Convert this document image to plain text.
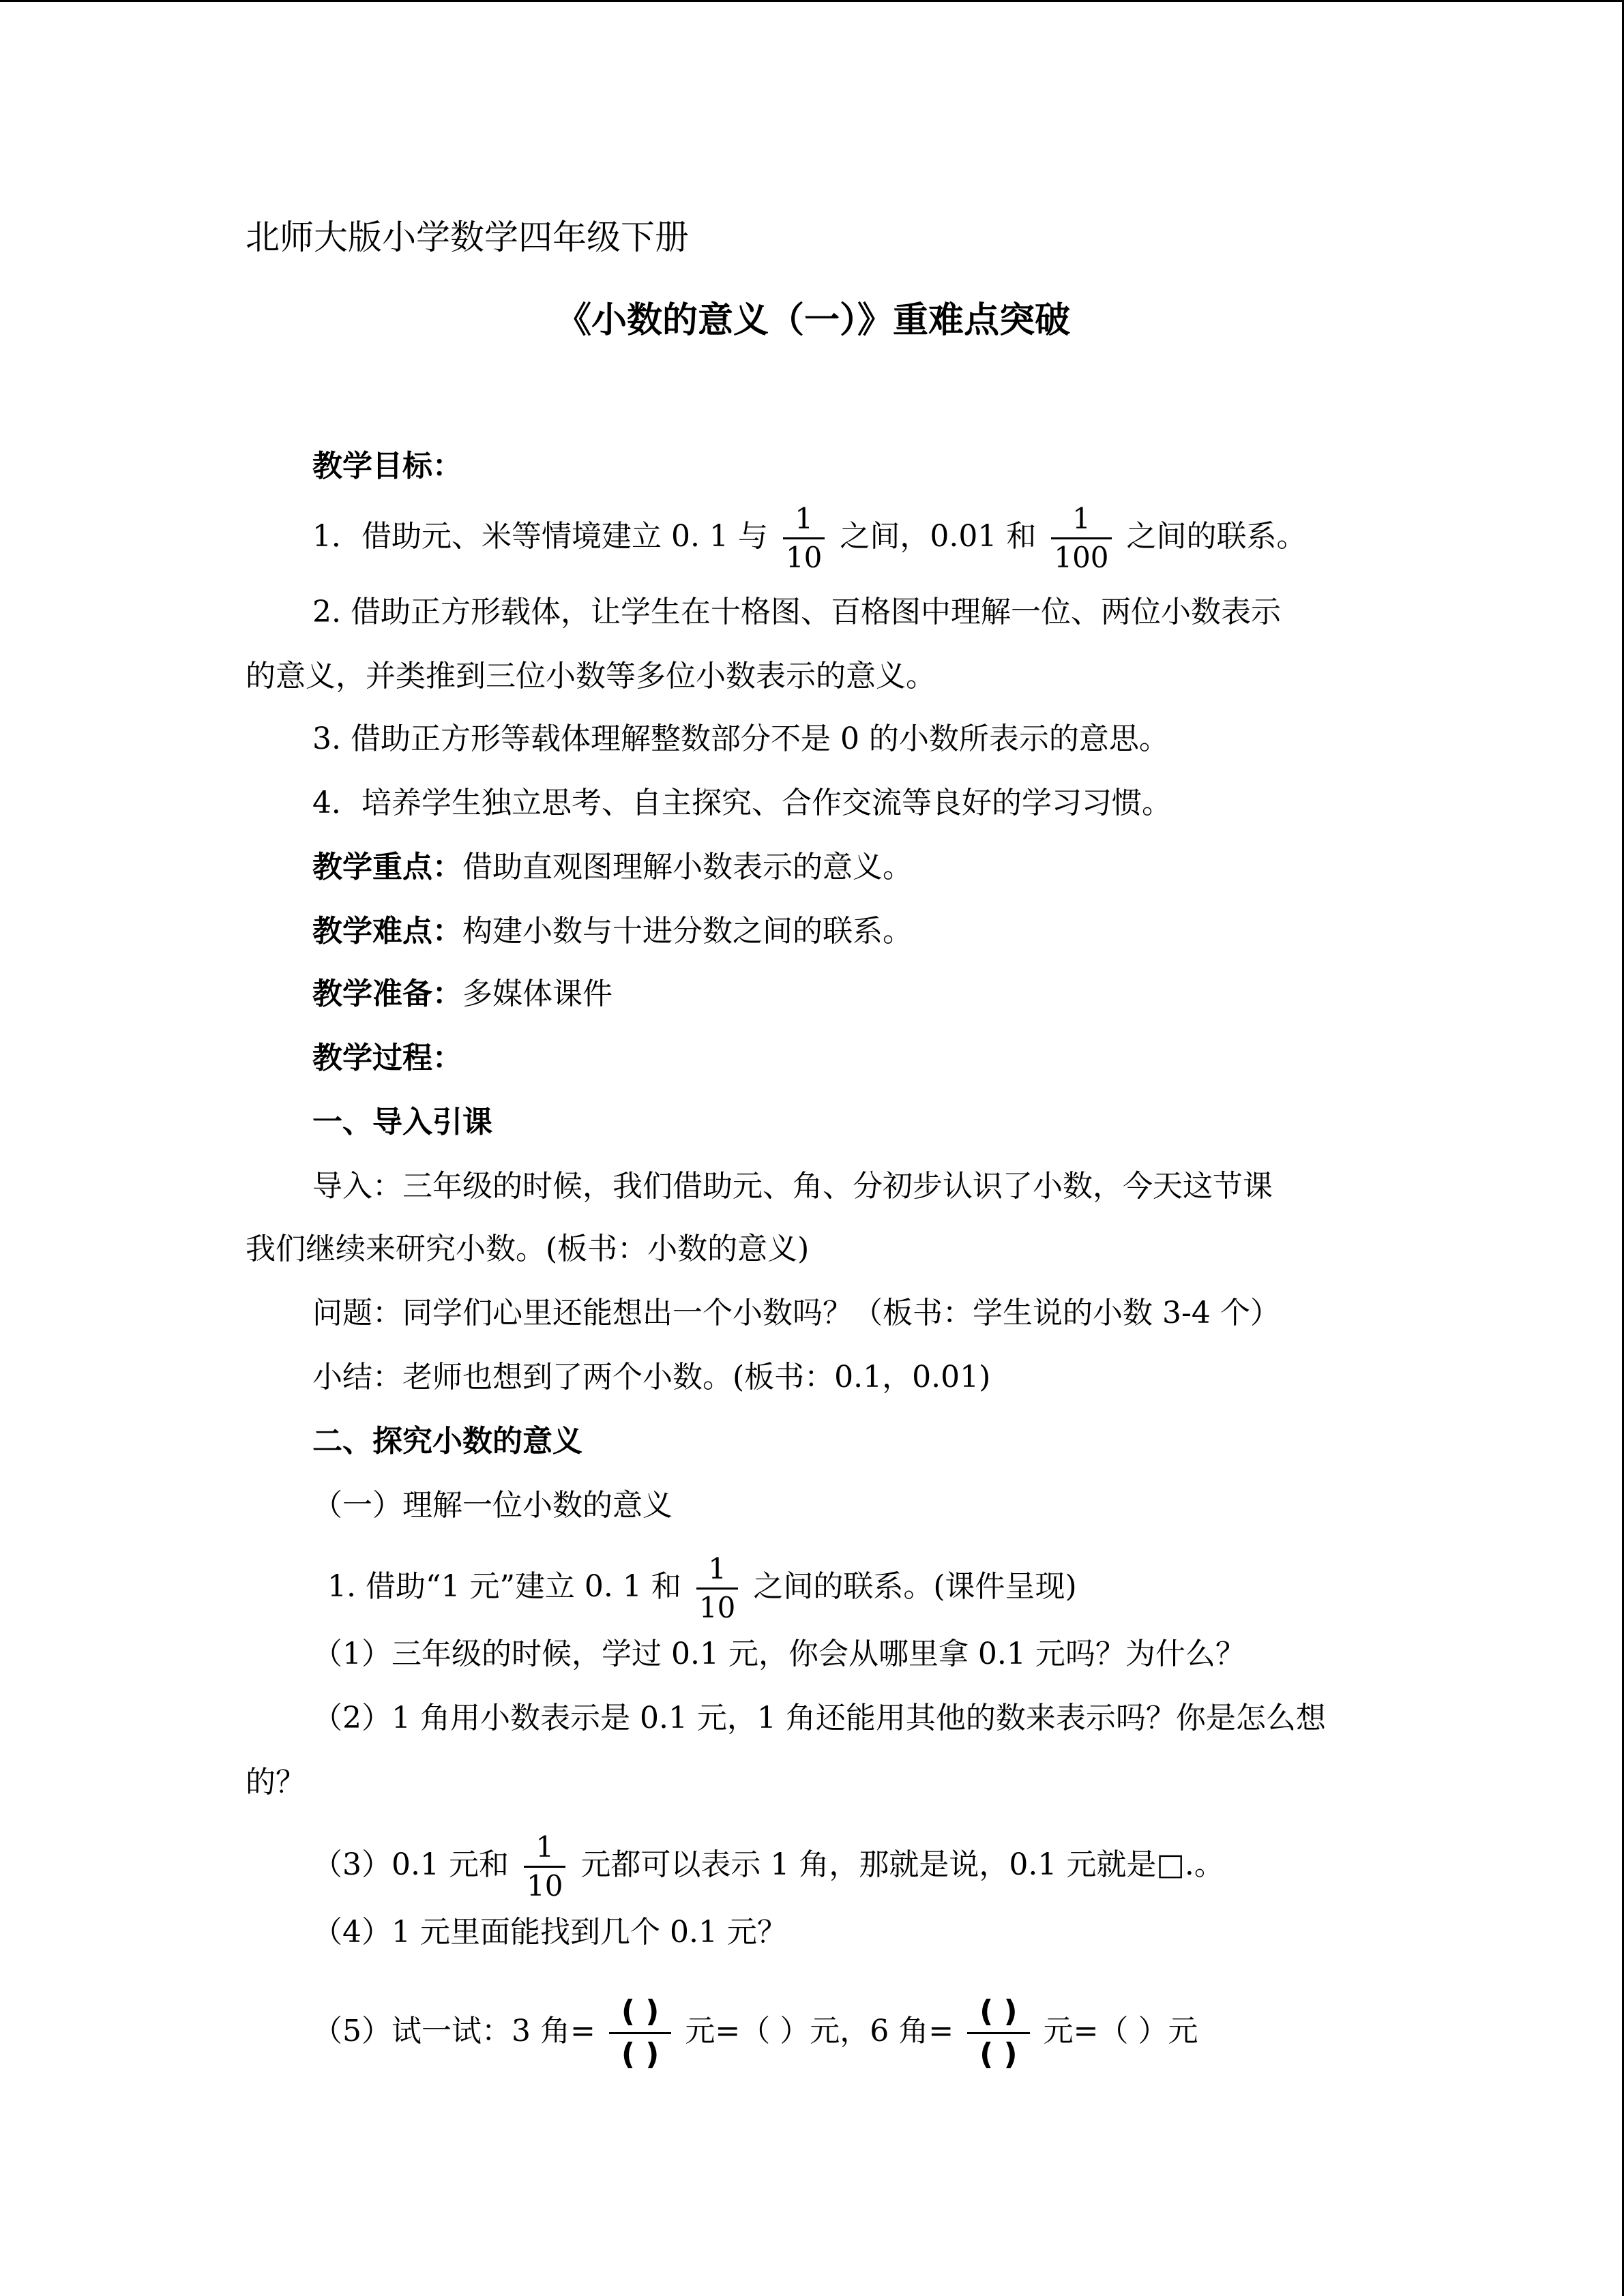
北师大版小学数学四年级下册
《小数的意义（一）》重难点突破
教学目标：
1．借助元、米等情境建立 0. 1 与 $\frac{1}{10}$ 之间，0.01 和 $\frac{1}{100}$ 之间的联系。
2. 借助正方形载体，让学生在十格图、百格图中理解一位、两位小数表示
的意义，并类推到三位小数等多位小数表示的意义。
3. 借助正方形等载体理解整数部分不是 0 的小数所表示的意思。
4．培养学生独立思考、自主探究、合作交流等良好的学习习惯。
教学重点：借助直观图理解小数表示的意义。
教学难点：构建小数与十进分数之间的联系。
教学准备：多媒体课件
教学过程：
一、导入引课
导入：三年级的时候，我们借助元、角、分初步认识了小数，今天这节课
我们继续来研究小数。(板书：小数的意义)
问题：同学们心里还能想出一个小数吗？（板书：学生说的小数 3-4 个）
小结：老师也想到了两个小数。(板书：0.1，0.01)
二、探究小数的意义
（一）理解一位小数的意义
1. 借助“1 元”建立 0. 1 和 $\frac{1}{10}$ 之间的联系。(课件呈现)
（1）三年级的时候，学过 0.1 元，你会从哪里拿 0.1 元吗？为什么？
（2）1 角用小数表示是 0.1 元，1 角还能用其他的数来表示吗？你是怎么想
的？
（3）0.1 元和 $\frac{1}{10}$ 元都可以表示 1 角，那就是说，0.1 元就是□.。
（4）1 元里面能找到几个 0.1 元？
（5）试一试：3 角= $\frac{( )}{( )}$ 元=（ ）元，6 角= $\frac{( )}{( )}$ 元=（ ）元
